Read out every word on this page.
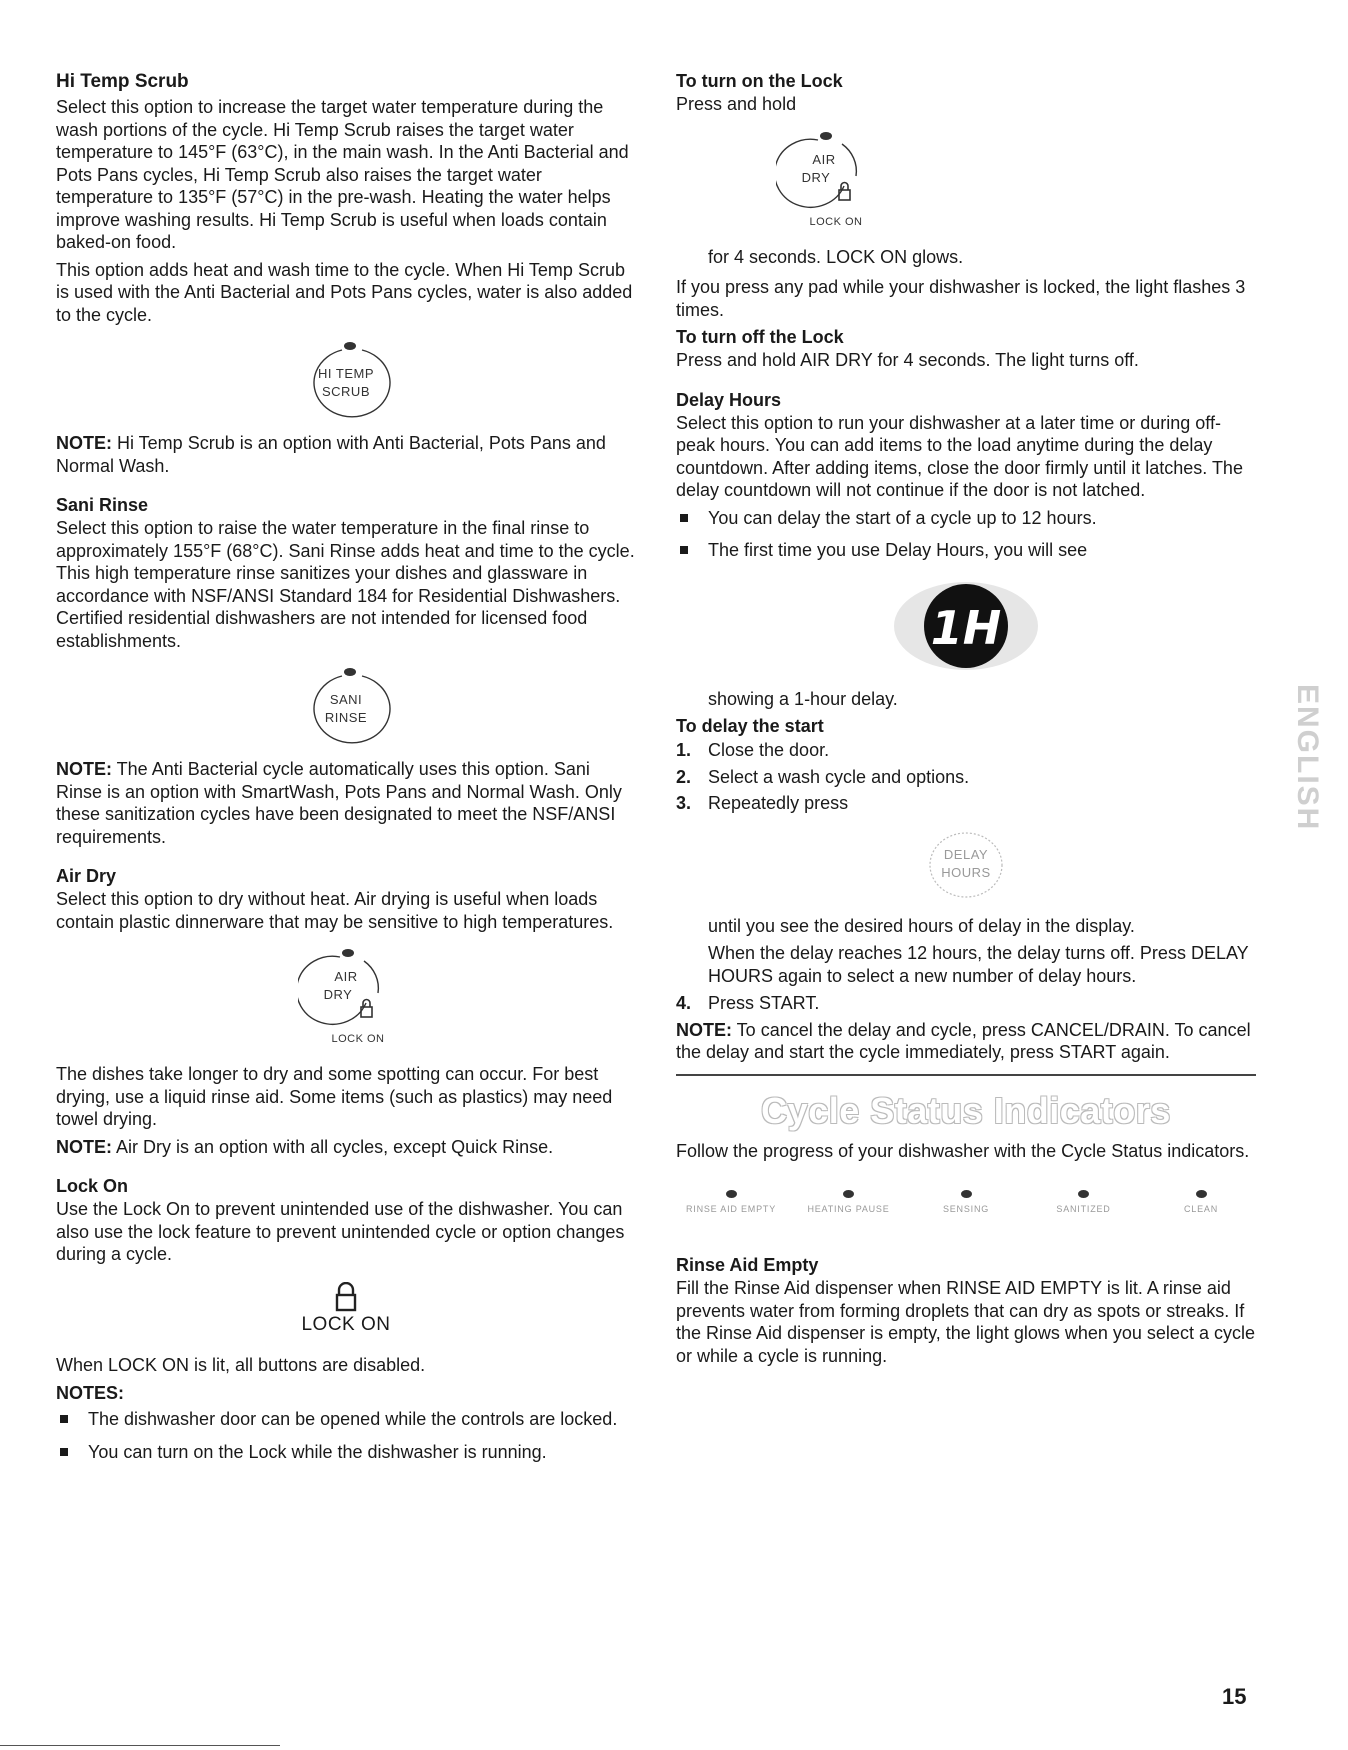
Hi Temp Scrub

Select this option to increase the target water temperature during the wash portions of the cycle. Hi Temp Scrub raises the target water temperature to 145°F (63°C), in the main wash. In the Anti Bacterial and Pots Pans cycles, Hi Temp Scrub also raises the target water temperature to 135°F (57°C) in the pre-wash. Heating the water helps improve washing results. Hi Temp Scrub is useful when loads contain baked-on food.

This option adds heat and wash time to the cycle. When Hi Temp Scrub is used with the Anti Bacterial and Pots Pans cycles, water is also added to the cycle.

HI TEMP
SCRUB

NOTE: Hi Temp Scrub is an option with Anti Bacterial, Pots Pans and Normal Wash.

Sani Rinse

Select this option to raise the water temperature in the final rinse to approximately 155°F (68°C). Sani Rinse adds heat and time to the cycle. This high temperature rinse sanitizes your dishes and glassware in accordance with NSF/ANSI Standard 184 for Residential Dishwashers. Certified residential dishwashers are not intended for licensed food establishments.

SANI
RINSE

NOTE: The Anti Bacterial cycle automatically uses this option. Sani Rinse is an option with SmartWash, Pots Pans and Normal Wash. Only these sanitization cycles have been designated to meet the NSF/ANSI requirements.

Air Dry

Select this option to dry without heat. Air drying is useful when loads contain plastic dinnerware that may be sensitive to high temperatures.

AIR
DRY
LOCK ON

The dishes take longer to dry and some spotting can occur. For best drying, use a liquid rinse aid. Some items (such as plastics) may need towel drying.

NOTE: Air Dry is an option with all cycles, except Quick Rinse.

Lock On

Use the Lock On to prevent unintended use of the dishwasher. You can also use the lock feature to prevent unintended cycle or option changes during a cycle.

LOCK ON

When LOCK ON is lit, all buttons are disabled.

NOTES:
The dishwasher door can be opened while the controls are locked.
You can turn on the Lock while the dishwasher is running.
To turn on the Lock

Press and hold

AIR
DRY
LOCK ON

for 4 seconds. LOCK ON glows.

If you press any pad while your dishwasher is locked, the light flashes 3 times.

To turn off the Lock

Press and hold AIR DRY for 4 seconds. The light turns off.

Delay Hours

Select this option to run your dishwasher at a later time or during off-peak hours. You can add items to the load anytime during the delay countdown. After adding items, close the door firmly until it latches. The delay countdown will not continue if the door is not latched.

You can delay the start of a cycle up to 12 hours.
The first time you use Delay Hours, you will see
1H

showing a 1-hour delay.

To delay the start
1. Close the door.
2. Select a wash cycle and options.
3. Repeatedly press
DELAY
HOURS

until you see the desired hours of delay in the display.

When the delay reaches 12 hours, the delay turns off. Press DELAY HOURS again to select a new number of delay hours.

4. Press START.

NOTE: To cancel the delay and cycle, press CANCEL/DRAIN. To cancel the delay and start the cycle immediately, press START again.

Cycle Status Indicators

Follow the progress of your dishwasher with the Cycle Status indicators.

RINSE AID EMPTY	HEATING PAUSE	SENSING	SANITIZED	CLEAN
Rinse Aid Empty

Fill the Rinse Aid dispenser when RINSE AID EMPTY is lit. A rinse aid prevents water from forming droplets that can dry as spots or streaks. If the Rinse Aid dispenser is empty, the light glows when you select a cycle or while a cycle is running.

ENGLISH
15
